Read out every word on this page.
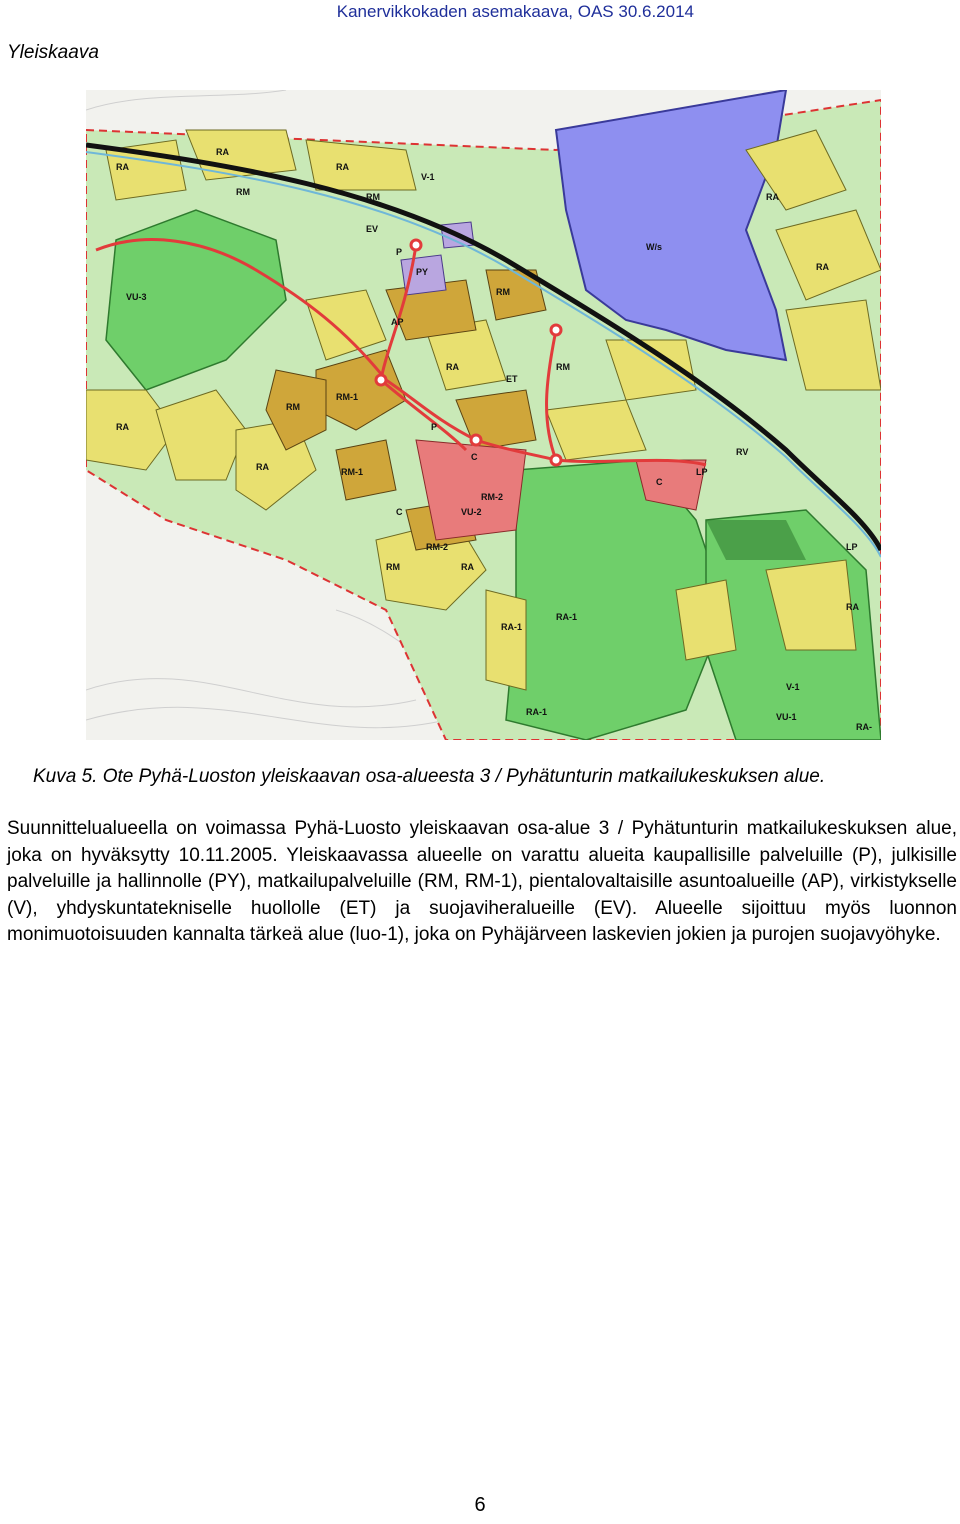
Yleiskaava
Kanervikkokaden asemakaava, OAS 30.6.2014
RA
RA
RM
RA
RM
V-1
VU-3
RA
RM-1
RM
RA
PY
P
AP
RM-1
P
RA
RM
C
RM-2
VU-2
C
RM-2
RA
RM
RA-1
RA-1
W/s
RA
RA
RM
C
LP
RV
V-1
VU-1
RA-1
ET
EV
LP
RA
RA-
Kuva 5. Ote Pyhä-Luoston yleiskaavan osa-alueesta 3 / Pyhätunturin matkailukeskuksen alue.

Suunnittelualueella on voimassa Pyhä-Luosto yleiskaavan osa-alue 3 / Pyhätunturin matkailukeskuksen alue, joka on hyväksytty 10.11.2005. Yleiskaavassa alueelle on varattu alueita kaupallisille palveluille (P), julkisille palveluille ja hallinnolle (PY), matkailupalveluille (RM, RM-1), pientalovaltaisille asuntoalueille (AP), virkistykselle (V), yhdyskuntatekniselle huollolle (ET) ja suojaviheralueille (EV). Alueelle sijoittuu myös luonnon monimuotoisuuden kannalta tärkeä alue (luo-1), joka on Pyhäjärveen laskevien jokien ja purojen suojavyöhyke.

6
